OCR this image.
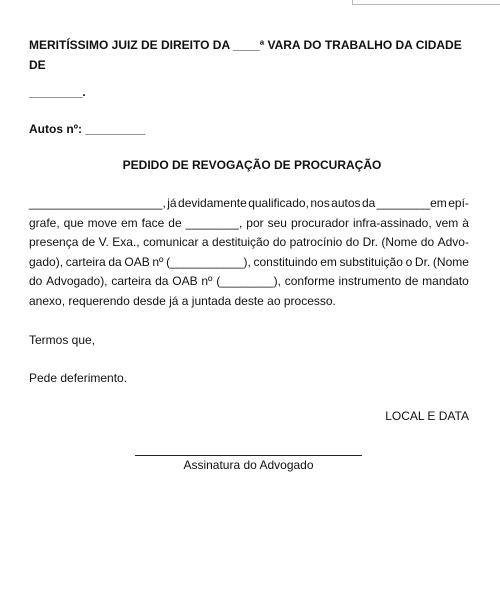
MERITÍSSIMO JUIZ DE DIREITO DA ____ª VARA DO TRABALHO DA CIDADE DE

________.
Autos nº: _________
PEDIDO DE REVOGAÇÃO DE PROCURAÇÃO
____________________, já devidamente qualificado, nos autos da ________em epí-
grafe, que move em face de ________, por seu procurador infra-assinado, vem à
presença de V. Exa., comunicar a destituição do patrocínio do Dr. (Nome do Advo-
gado), carteira da OAB nº (___________), constituindo em substituição o Dr. (Nome
do Advogado), carteira da OAB nº (________), conforme instrumento de mandato
anexo, requerendo desde já a juntada deste ao processo.

Termos que,

Pede deferimento.

LOCAL E DATA
Assinatura do Advogado
